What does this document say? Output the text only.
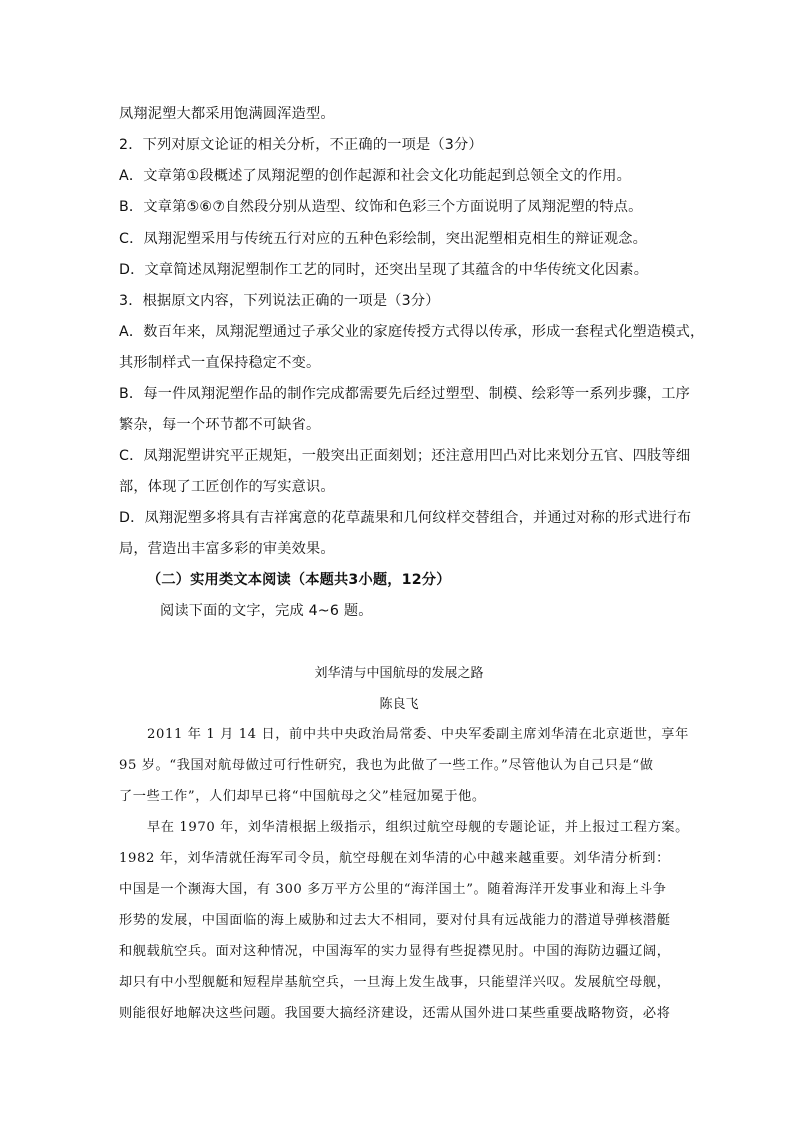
凤翔泥塑大都采用饱满圆浑造型。
2．下列对原文论证的相关分析，不正确的一项是（3分）
A．文章第①段概述了凤翔泥塑的创作起源和社会文化功能起到总领全文的作用。
B．文章第⑤⑥⑦自然段分别从造型、纹饰和色彩三个方面说明了凤翔泥塑的特点。
C．凤翔泥塑采用与传统五行对应的五种色彩绘制，突出泥塑相克相生的辩证观念。
D．文章简述凤翔泥塑制作工艺的同时，还突出呈现了其蕴含的中华传统文化因素。
3．根据原文内容，下列说法正确的一项是（3分）
A．数百年来，凤翔泥塑通过子承父业的家庭传授方式得以传承，形成一套程式化塑造模式，
其形制样式一直保持稳定不变。
B．每一件凤翔泥塑作品的制作完成都需要先后经过塑型、制模、绘彩等一系列步骤，工序
繁杂，每一个环节都不可缺省。
C．凤翔泥塑讲究平正规矩，一般突出正面刻划；还注意用凹凸对比来划分五官、四肢等细
部，体现了工匠创作的写实意识。
D．凤翔泥塑多将具有吉祥寓意的花草蔬果和几何纹样交替组合，并通过对称的形式进行布
局，营造出丰富多彩的审美效果。
（二）实用类文本阅读（本题共3小题，12分）
阅读下面的文字，完成 4~6 题。
刘华清与中国航母的发展之路
陈良飞
2011 年 1 月 14 日，前中共中央政治局常委、中央军委副主席刘华清在北京逝世，享年
95 岁。“我国对航母做过可行性研究，我也为此做了一些工作。”尽管他认为自己只是“做
了一些工作”，人们却早已将“中国航母之父”桂冠加冕于他。
早在 1970 年，刘华清根据上级指示，组织过航空母舰的专题论证，并上报过工程方案。
1982 年，刘华清就任海军司令员，航空母舰在刘华清的心中越来越重要。刘华清分析到：
中国是一个濒海大国，有 300 多万平方公里的“海洋国土”。随着海洋开发事业和海上斗争
形势的发展，中国面临的海上威胁和过去大不相同，要对付具有远战能力的潜道导弹核潜艇
和舰载航空兵。面对这种情况，中国海军的实力显得有些捉襟见肘。中国的海防边疆辽阔，
却只有中小型舰艇和短程岸基航空兵，一旦海上发生战事，只能望洋兴叹。发展航空母舰，
则能很好地解决这些问题。我国要大搞经济建设，还需从国外进口某些重要战略物资，必将
